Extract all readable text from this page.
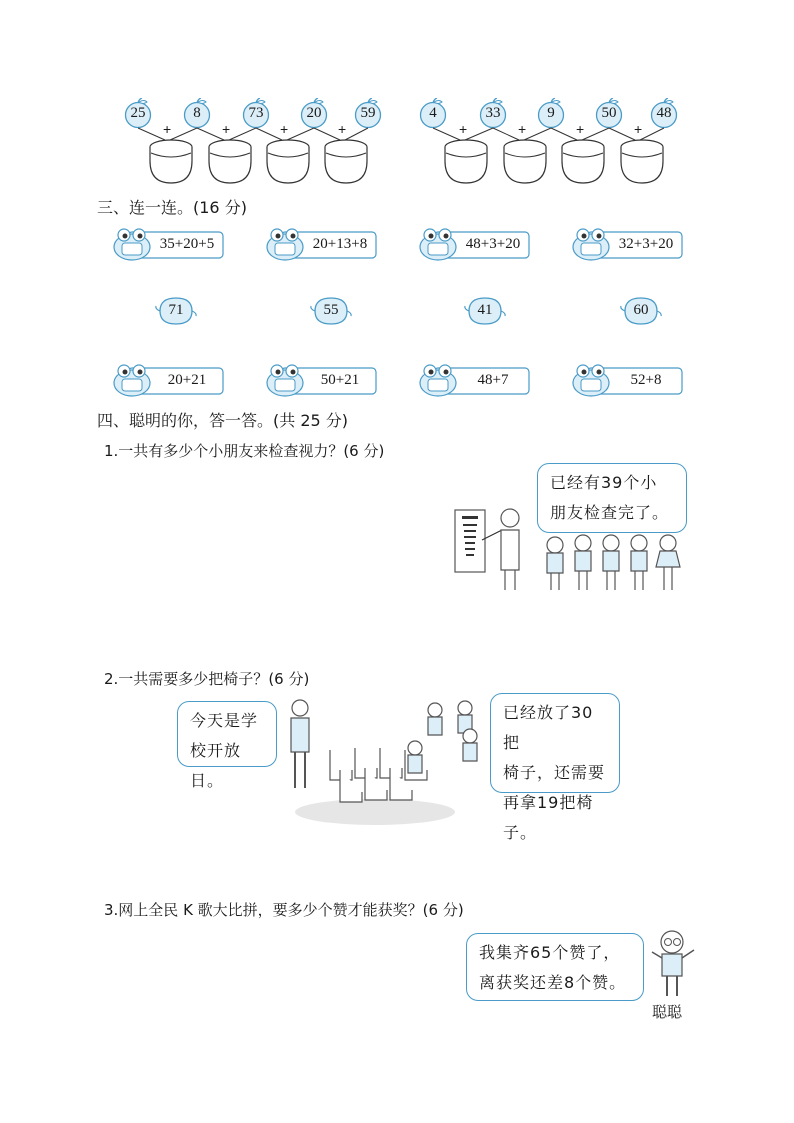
25	8	73	20	59
+	+	+	+
4	33	9	50	48
+	+	+	+
三、连一连。(16 分)
35+20+5	20+13+8	48+3+20	32+3+20
71	55	41	60
20+21	50+21	48+7	52+8
四、聪明的你，答一答。(共 25 分)
1.一共有多少个小朋友来检查视力？(6 分)
已经有39个小
朋友检查完了。
2.一共需要多少把椅子？(6 分)
今天是学
校开放日。
已经放了30把
椅子，还需要
再拿19把椅子。
3.网上全民 K 歌大比拼，要多少个赞才能获奖？(6 分)
我集齐65个赞了，
离获奖还差8个赞。
聪聪
